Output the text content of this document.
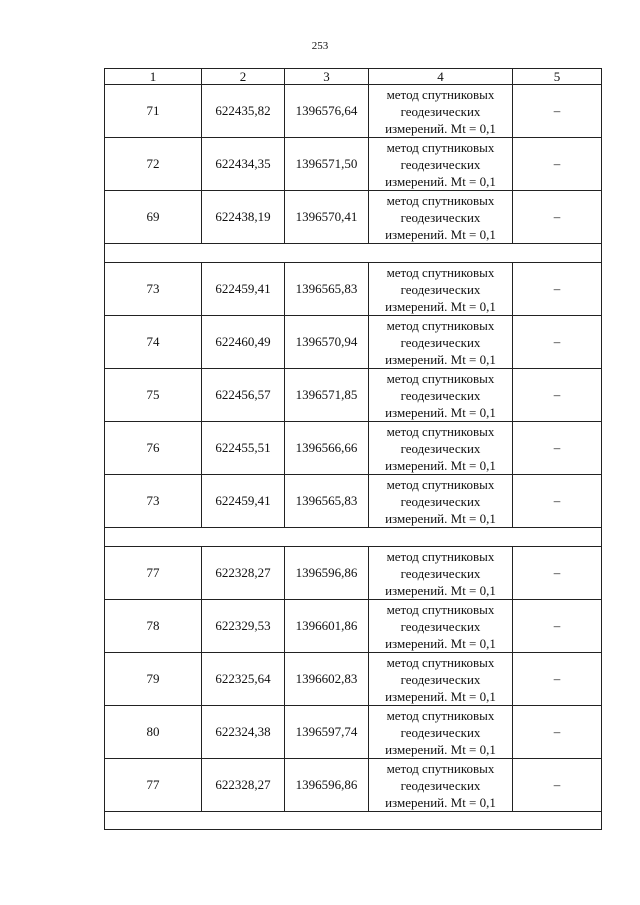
253
1	2	3	4	5
71	622435,82	1396576,64	метод спутниковых
геодезических
измерений. Mt = 0,1	–
72	622434,35	1396571,50	метод спутниковых
геодезических
измерений. Mt = 0,1	–
69	622438,19	1396570,41	метод спутниковых
геодезических
измерений. Mt = 0,1	–

73	622459,41	1396565,83	метод спутниковых
геодезических
измерений. Mt = 0,1	–
74	622460,49	1396570,94	метод спутниковых
геодезических
измерений. Mt = 0,1	–
75	622456,57	1396571,85	метод спутниковых
геодезических
измерений. Mt = 0,1	–
76	622455,51	1396566,66	метод спутниковых
геодезических
измерений. Mt = 0,1	–
73	622459,41	1396565,83	метод спутниковых
геодезических
измерений. Mt = 0,1	–

77	622328,27	1396596,86	метод спутниковых
геодезических
измерений. Mt = 0,1	–
78	622329,53	1396601,86	метод спутниковых
геодезических
измерений. Mt = 0,1	–
79	622325,64	1396602,83	метод спутниковых
геодезических
измерений. Mt = 0,1	–
80	622324,38	1396597,74	метод спутниковых
геодезических
измерений. Mt = 0,1	–
77	622328,27	1396596,86	метод спутниковых
геодезических
измерений. Mt = 0,1	–
